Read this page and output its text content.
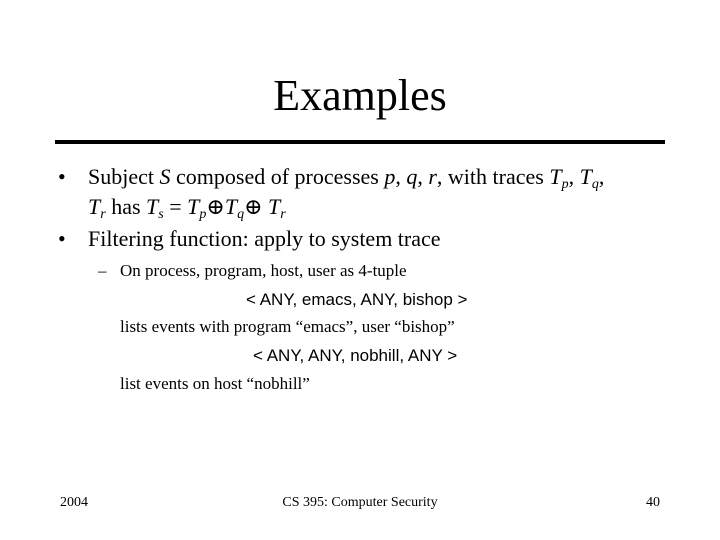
Examples
• Subject S composed of processes p, q, r, with traces $T_p$, $T_q$,
$T_r$ has $T_s$ = $T_p\oplus T_q\oplus$ $T_r$
• Filtering function: apply to system trace
– On process, program, host, user as 4-tuple
< ANY, emacs, ANY, bishop >
lists events with program “emacs”, user “bishop”
< ANY, ANY, nobhill, ANY >
list events on host “nobhill”
2004	CS 395: Computer Security	40
